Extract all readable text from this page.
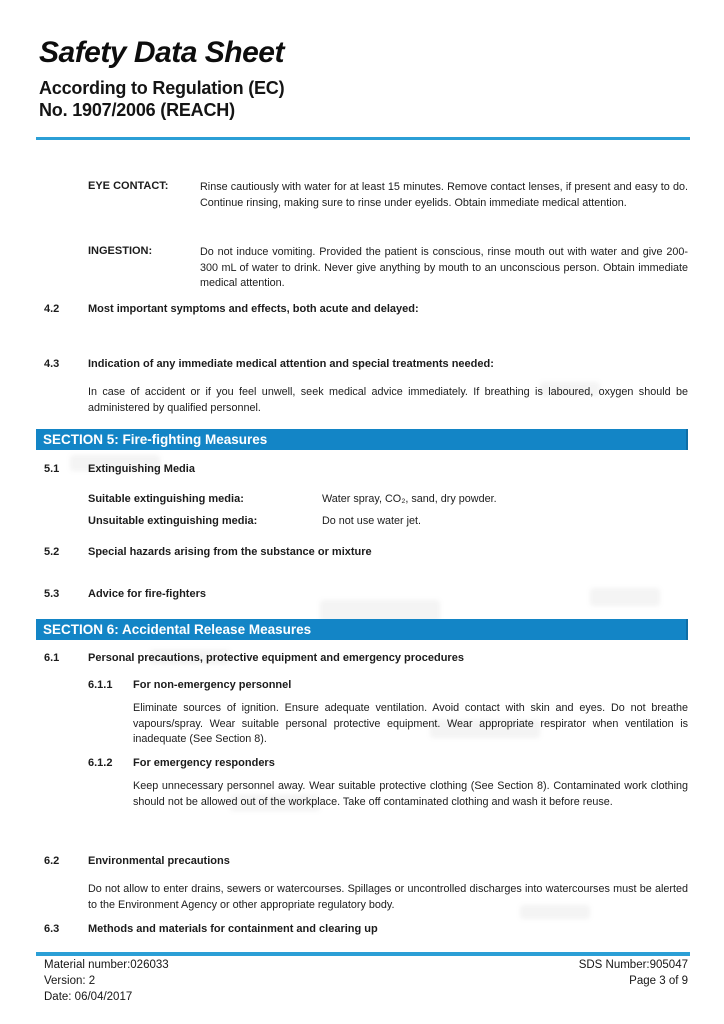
Safety Data Sheet
According to Regulation (EC)
No. 1907/2006 (REACH)
EYE CONTACT:	Rinse cautiously with water for at least 15 minutes. Remove contact lenses, if present and easy to do. Continue rinsing, making sure to rinse under eyelids. Obtain immediate medical attention.
INGESTION:	Do not induce vomiting. Provided the patient is conscious, rinse mouth out with water and give 200-300 mL of water to drink. Never give anything by mouth to an unconscious person. Obtain immediate medical attention.
4.2	Most important symptoms and effects, both acute and delayed:
4.3	Indication of any immediate medical attention and special treatments needed:
In case of accident or if you feel unwell, seek medical advice immediately. If breathing is laboured, oxygen should be administered by qualified personnel.
SECTION 5: Fire-fighting Measures
5.1	Extinguishing Media
Suitable extinguishing media:	Water spray, CO₂, sand, dry powder.
Unsuitable extinguishing media:	Do not use water jet.
5.2	Special hazards arising from the substance or mixture
5.3	Advice for fire-fighters
SECTION 6: Accidental Release Measures
6.1	Personal precautions, protective equipment and emergency procedures
6.1.1 For non-emergency personnel
Eliminate sources of ignition. Ensure adequate ventilation. Avoid contact with skin and eyes. Do not breathe vapours/spray. Wear suitable personal protective equipment. Wear appropriate respirator when ventilation is inadequate (See Section 8).
6.1.2 For emergency responders
Keep unnecessary personnel away. Wear suitable protective clothing (See Section 8). Contaminated work clothing should not be allowed out of the workplace. Take off contaminated clothing and wash it before reuse.
6.2	Environmental precautions
Do not allow to enter drains, sewers or watercourses. Spillages or uncontrolled discharges into watercourses must be alerted to the Environment Agency or other appropriate regulatory body.
6.3	Methods and materials for containment and clearing up
Material number:026033
Version: 2
Date: 06/04/2017
SDS Number:905047
Page 3 of 9
